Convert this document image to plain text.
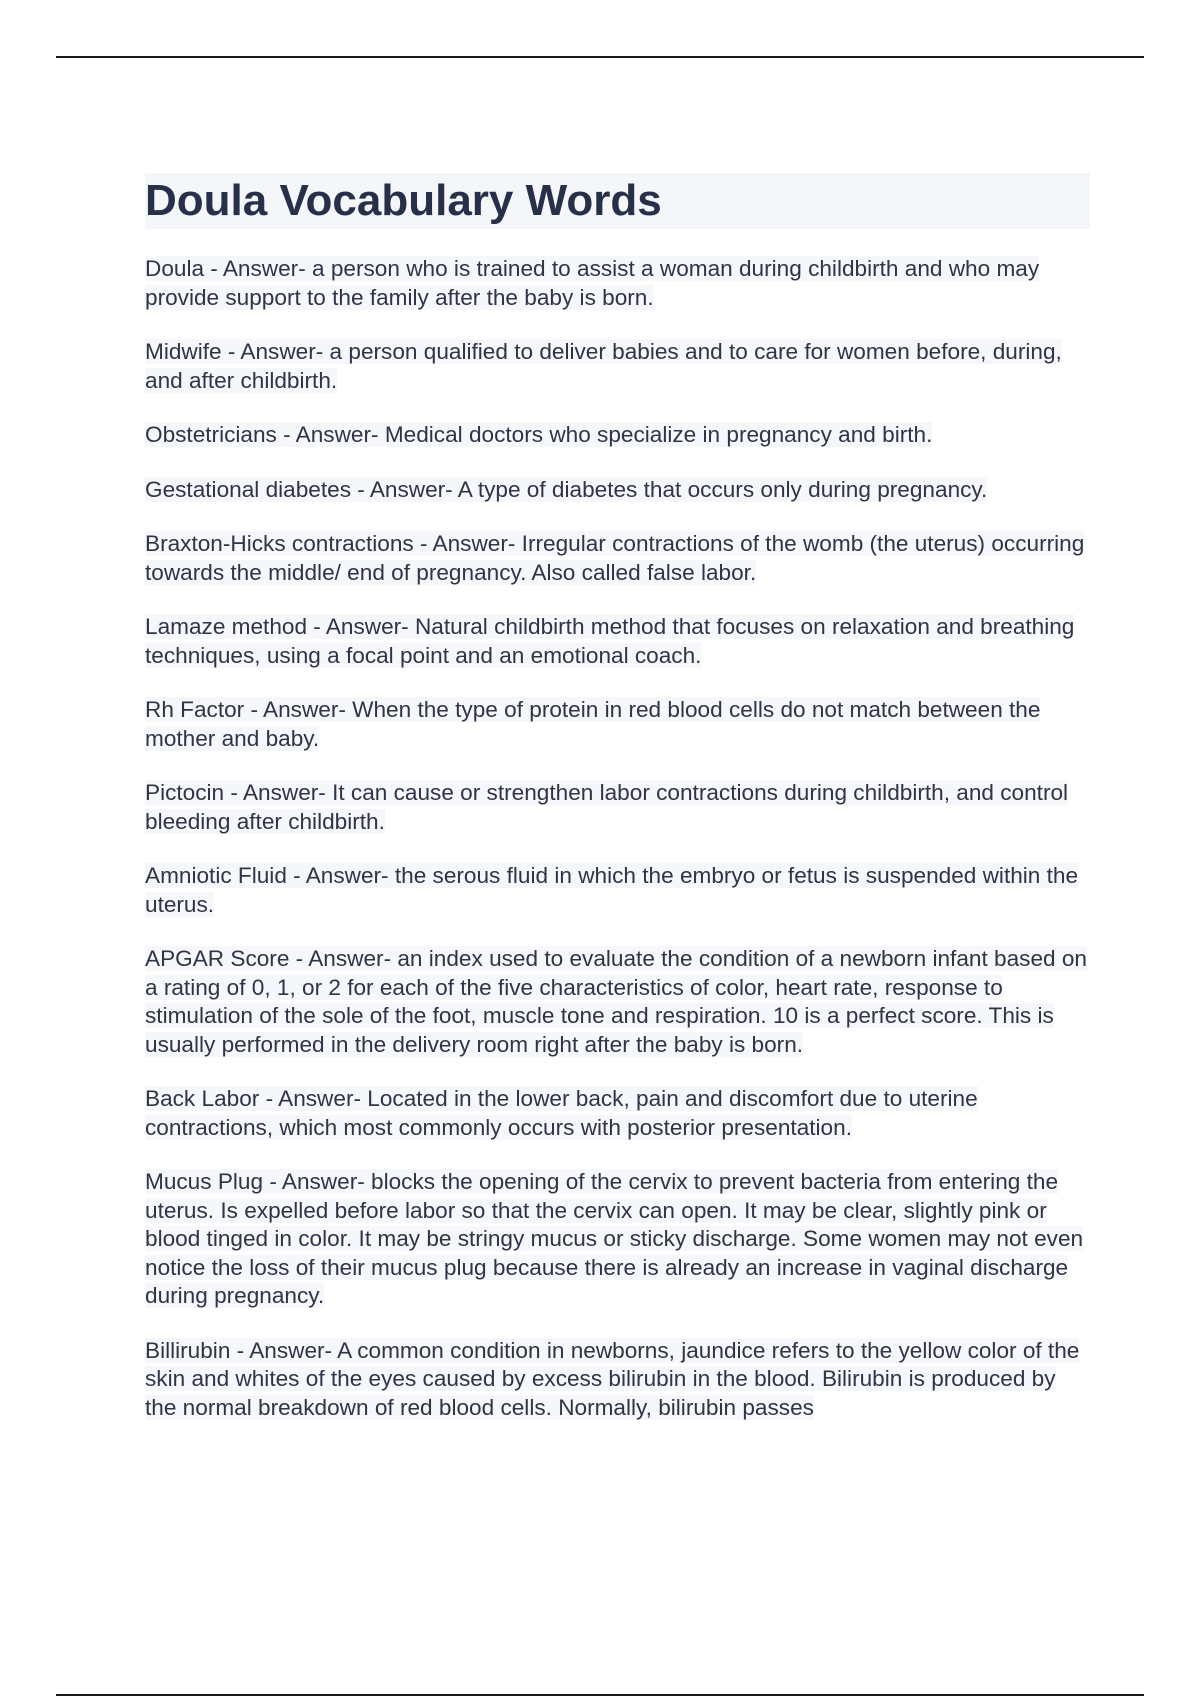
Doula Vocabulary Words

Doula - Answer- a person who is trained to assist a woman during childbirth and who may provide support to the family after the baby is born.

Midwife - Answer- a person qualified to deliver babies and to care for women before, during, and after childbirth.

Obstetricians - Answer- Medical doctors who specialize in pregnancy and birth.

Gestational diabetes - Answer- A type of diabetes that occurs only during pregnancy.

Braxton-Hicks contractions - Answer- Irregular contractions of the womb (the uterus) occurring towards the middle/ end of pregnancy. Also called false labor.

Lamaze method - Answer- Natural childbirth method that focuses on relaxation and breathing techniques, using a focal point and an emotional coach.

Rh Factor - Answer- When the type of protein in red blood cells do not match between the mother and baby.

Pictocin - Answer- It can cause or strengthen labor contractions during childbirth, and control bleeding after childbirth.

Amniotic Fluid - Answer- the serous fluid in which the embryo or fetus is suspended within the uterus.

APGAR Score - Answer- an index used to evaluate the condition of a newborn infant based on a rating of 0, 1, or 2 for each of the five characteristics of color, heart rate, response to stimulation of the sole of the foot, muscle tone and respiration. 10 is a perfect score. This is usually performed in the delivery room right after the baby is born.

Back Labor - Answer- Located in the lower back, pain and discomfort due to uterine contractions, which most commonly occurs with posterior presentation.

Mucus Plug - Answer- blocks the opening of the cervix to prevent bacteria from entering the uterus. Is expelled before labor so that the cervix can open. It may be clear, slightly pink or blood tinged in color. It may be stringy mucus or sticky discharge. Some women may not even notice the loss of their mucus plug because there is already an increase in vaginal discharge during pregnancy.

Billirubin - Answer- A common condition in newborns, jaundice refers to the yellow color of the skin and whites of the eyes caused by excess bilirubin in the blood. Bilirubin is produced by the normal breakdown of red blood cells. Normally, bilirubin passes
